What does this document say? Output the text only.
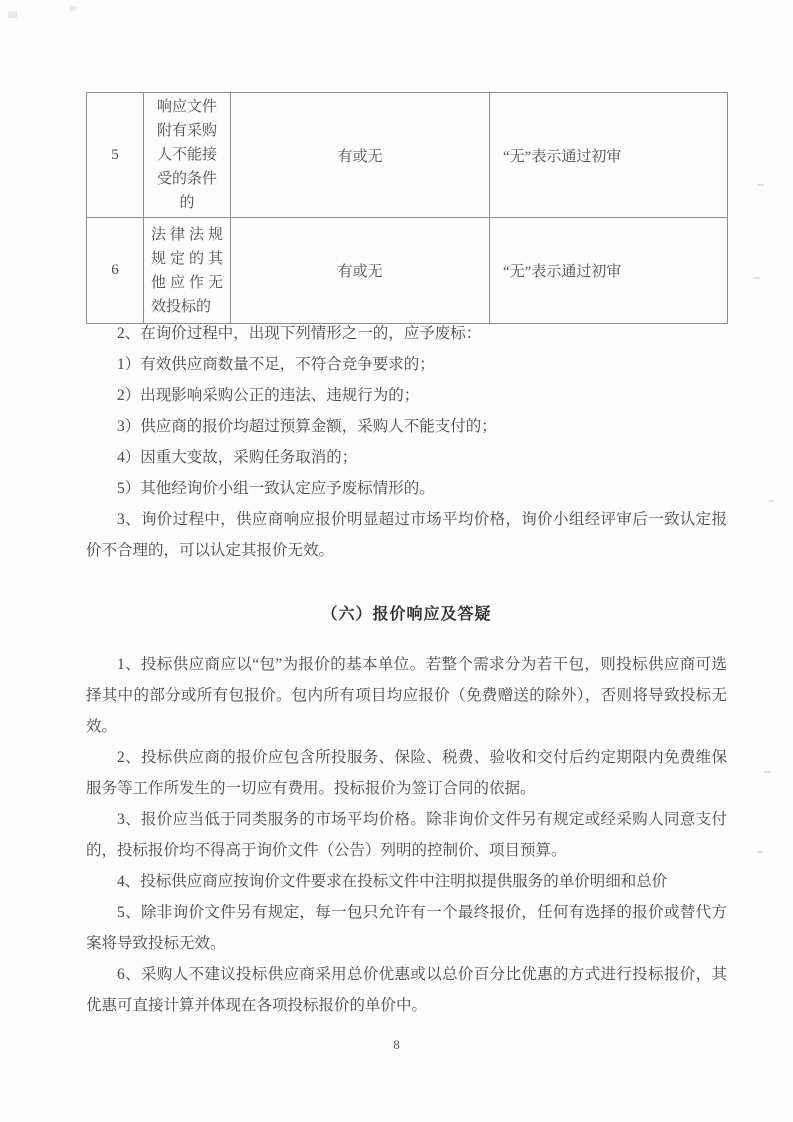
5	响应文件附有采购人不能接受的条件的	有或无	“无”表示通过初审
6	法律法规规定的其他应作无效投标的	有或无	“无”表示通过初审

2、在询价过程中，出现下列情形之一的，应予废标：

1）有效供应商数量不足，不符合竞争要求的；

2）出现影响采购公正的违法、违规行为的；

3）供应商的报价均超过预算金额，采购人不能支付的；

4）因重大变故，采购任务取消的；

5）其他经询价小组一致认定应予废标情形的。

3、询价过程中，供应商响应报价明显超过市场平均价格，询价小组经评审后一致认定报价不合理的，可以认定其报价无效。

（六）报价响应及答疑

1、投标供应商应以“包”为报价的基本单位。若整个需求分为若干包，则投标供应商可选择其中的部分或所有包报价。包内所有项目均应报价（免费赠送的除外），否则将导致投标无效。

2、投标供应商的报价应包含所投服务、保险、税费、验收和交付后约定期限内免费维保服务等工作所发生的一切应有费用。投标报价为签订合同的依据。

3、报价应当低于同类服务的市场平均价格。除非询价文件另有规定或经采购人同意支付的，投标报价均不得高于询价文件（公告）列明的控制价、项目预算。

4、投标供应商应按询价文件要求在投标文件中注明拟提供服务的单价明细和总价

5、除非询价文件另有规定，每一包只允许有一个最终报价，任何有选择的报价或替代方案将导致投标无效。

6、采购人不建议投标供应商采用总价优惠或以总价百分比优惠的方式进行投标报价，其优惠可直接计算并体现在各项投标报价的单价中。

8
